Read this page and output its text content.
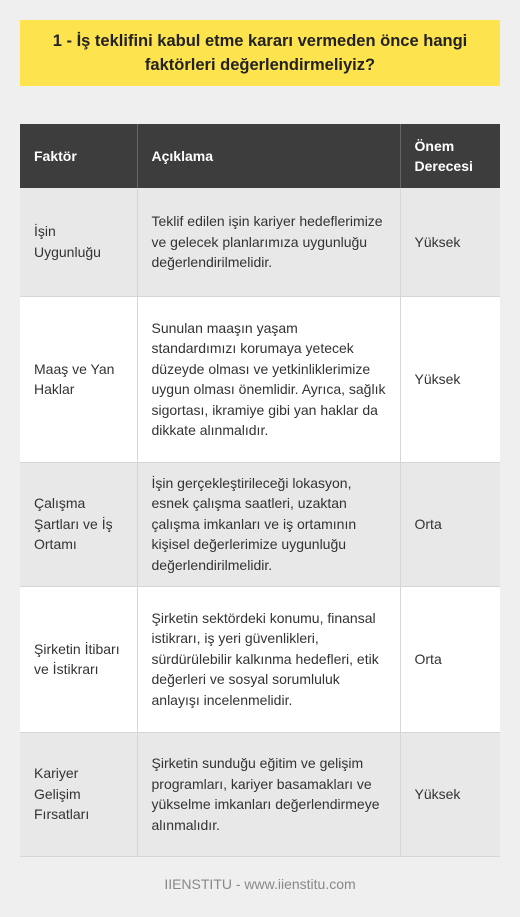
1 - İş teklifini kabul etme kararı vermeden önce hangi faktörleri değerlendirmeliyiz?
Faktör	Açıklama	Önem Derecesi
İşin Uygunluğu	Teklif edilen işin kariyer hedeflerimize ve gelecek planlarımıza uygunluğu değerlendirilmelidir.	Yüksek
Maaş ve Yan Haklar	Sunulan maaşın yaşam standardımızı korumaya yetecek düzeyde olması ve yetkinliklerimize uygun olması önemlidir. Ayrıca, sağlık sigortası, ikramiye gibi yan haklar da dikkate alınmalıdır.	Yüksek
Çalışma Şartları ve İş Ortamı	İşin gerçekleştirileceği lokasyon, esnek çalışma saatleri, uzaktan çalışma imkanları ve iş ortamının kişisel değerlerimize uygunluğu değerlendirilmelidir.	Orta
Şirketin İtibarı ve İstikrarı	Şirketin sektördeki konumu, finansal istikrarı, iş yeri güvenlikleri, sürdürülebilir kalkınma hedefleri, etik değerleri ve sosyal sorumluluk anlayışı incelenmelidir.	Orta
Kariyer Gelişim Fırsatları	Şirketin sunduğu eğitim ve gelişim programları, kariyer basamakları ve yükselme imkanları değerlendirmeye alınmalıdır.	Yüksek
IIENSTITU - www.iienstitu.com
